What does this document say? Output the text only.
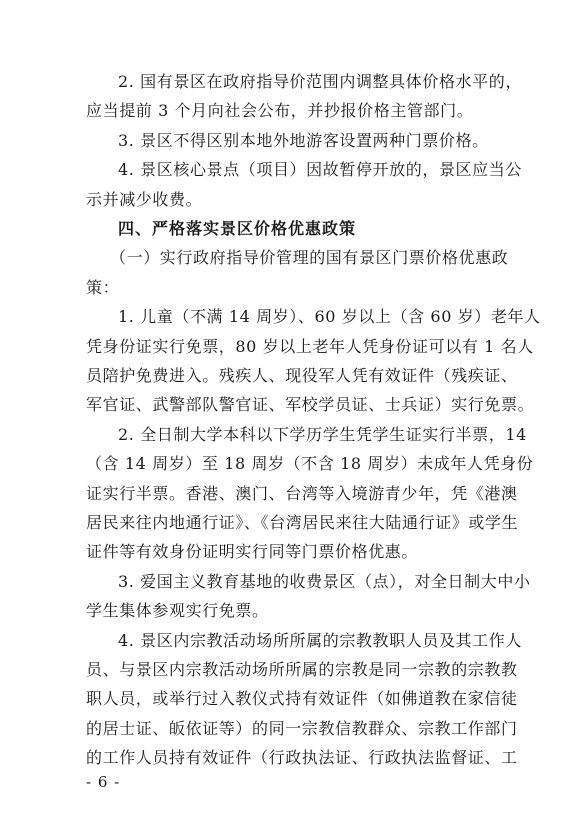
2. 国有景区在政府指导价范围内调整具体价格水平的，
应当提前 3 个月向社会公布，并抄报价格主管部门。
3. 景区不得区别本地外地游客设置两种门票价格。
4. 景区核心景点（项目）因故暂停开放的，景区应当公
示并减少收费。
四、严格落实景区价格优惠政策
（一）实行政府指导价管理的国有景区门票价格优惠政
策：
1. 儿童（不满 14 周岁）、60 岁以上（含 60 岁）老年人
凭身份证实行免票，80 岁以上老年人凭身份证可以有 1 名人
员陪护免费进入。残疾人、现役军人凭有效证件（残疾证、
军官证、武警部队警官证、军校学员证、士兵证）实行免票。
2. 全日制大学本科以下学历学生凭学生证实行半票，14
（含 14 周岁）至 18 周岁（不含 18 周岁）未成年人凭身份
证实行半票。香港、澳门、台湾等入境游青少年，凭《港澳
居民来往内地通行证》、《台湾居民来往大陆通行证》或学生
证件等有效身份证明实行同等门票价格优惠。
3. 爱国主义教育基地的收费景区（点），对全日制大中小
学生集体参观实行免票。
4. 景区内宗教活动场所所属的宗教教职人员及其工作人
员、与景区内宗教活动场所所属的宗教是同一宗教的宗教教
职人员，或举行过入教仪式持有效证件（如佛道教在家信徒
的居士证、皈依证等）的同一宗教信教群众、宗教工作部门
的工作人员持有效证件（行政执法证、行政执法监督证、工
- 6 -
